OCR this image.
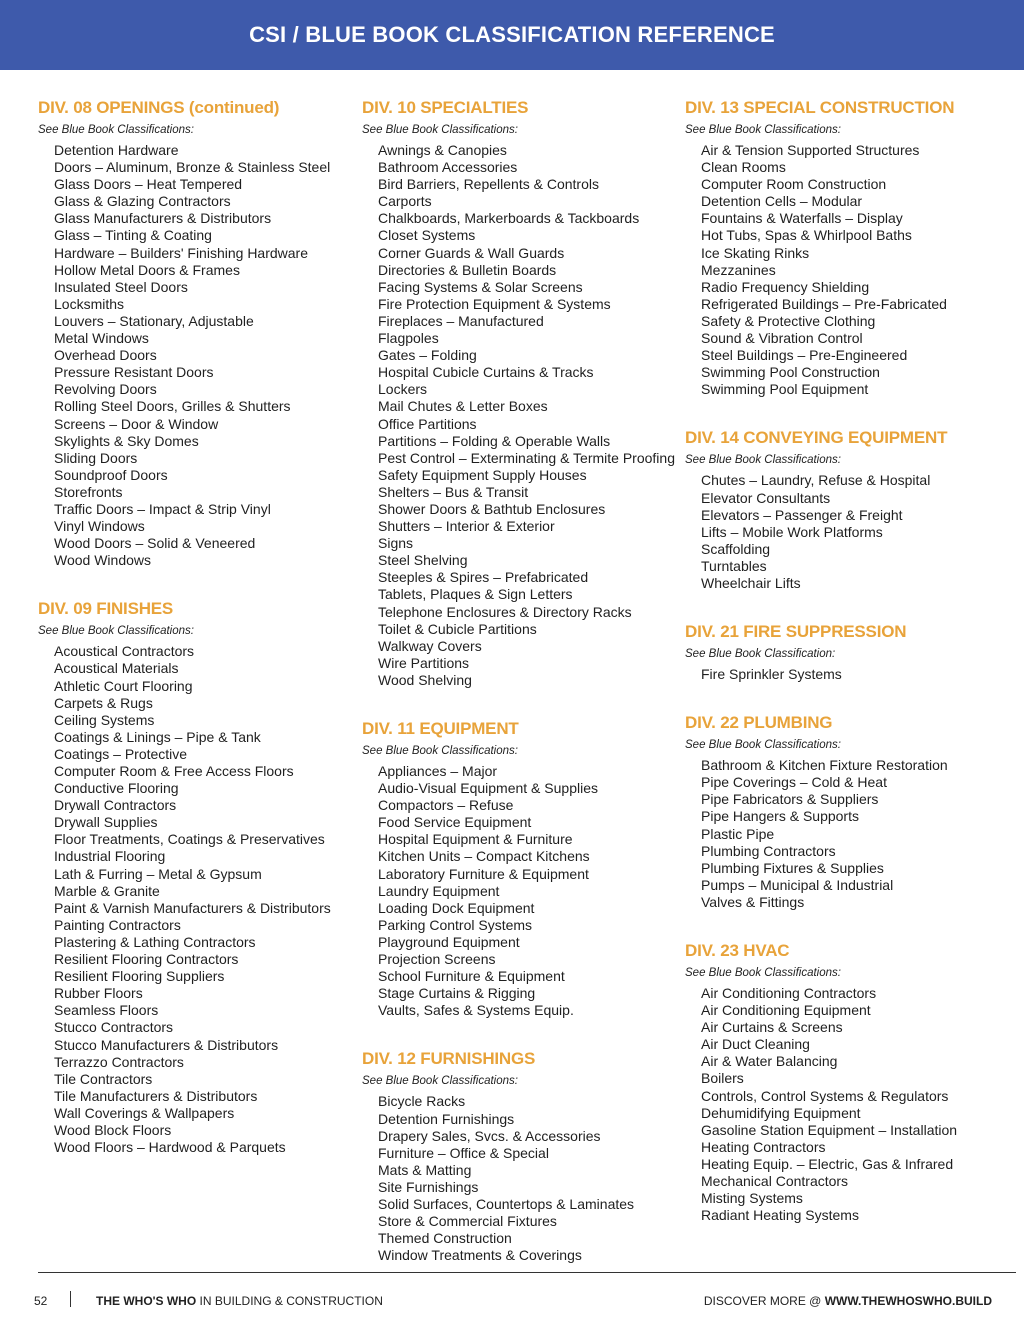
CSI / BLUE BOOK CLASSIFICATION REFERENCE
DIV. 08 OPENINGS (continued)
See Blue Book Classifications:
Detention Hardware
Doors – Aluminum, Bronze & Stainless Steel
Glass Doors – Heat Tempered
Glass & Glazing Contractors
Glass Manufacturers & Distributors
Glass – Tinting & Coating
Hardware – Builders' Finishing Hardware
Hollow Metal Doors & Frames
Insulated Steel Doors
Locksmiths
Louvers – Stationary, Adjustable
Metal Windows
Overhead Doors
Pressure Resistant Doors
Revolving Doors
Rolling Steel Doors, Grilles & Shutters
Screens – Door & Window
Skylights & Sky Domes
Sliding Doors
Soundproof Doors
Storefronts
Traffic Doors – Impact & Strip Vinyl
Vinyl Windows
Wood Doors – Solid & Veneered
Wood Windows
DIV. 09 FINISHES
See Blue Book Classifications:
Acoustical Contractors
Acoustical Materials
Athletic Court Flooring
Carpets & Rugs
Ceiling Systems
Coatings & Linings – Pipe & Tank
Coatings – Protective
Computer Room & Free Access Floors
Conductive Flooring
Drywall Contractors
Drywall Supplies
Floor Treatments, Coatings & Preservatives
Industrial Flooring
Lath & Furring – Metal & Gypsum
Marble & Granite
Paint & Varnish Manufacturers & Distributors
Painting Contractors
Plastering & Lathing Contractors
Resilient Flooring Contractors
Resilient Flooring Suppliers
Rubber Floors
Seamless Floors
Stucco Contractors
Stucco Manufacturers & Distributors
Terrazzo Contractors
Tile Contractors
Tile Manufacturers & Distributors
Wall Coverings & Wallpapers
Wood Block Floors
Wood Floors – Hardwood & Parquets
DIV. 10 SPECIALTIES
See Blue Book Classifications:
Awnings & Canopies
Bathroom Accessories
Bird Barriers, Repellents & Controls
Carports
Chalkboards, Markerboards & Tackboards
Closet Systems
Corner Guards & Wall Guards
Directories & Bulletin Boards
Facing Systems & Solar Screens
Fire Protection Equipment & Systems
Fireplaces – Manufactured
Flagpoles
Gates – Folding
Hospital Cubicle Curtains & Tracks
Lockers
Mail Chutes & Letter Boxes
Office Partitions
Partitions – Folding & Operable Walls
Pest Control – Exterminating & Termite Proofing
Safety Equipment Supply Houses
Shelters – Bus & Transit
Shower Doors & Bathtub Enclosures
Shutters – Interior & Exterior
Signs
Steel Shelving
Steeples & Spires – Prefabricated
Tablets, Plaques & Sign Letters
Telephone Enclosures & Directory Racks
Toilet & Cubicle Partitions
Walkway Covers
Wire Partitions
Wood Shelving
DIV. 11 EQUIPMENT
See Blue Book Classifications:
Appliances – Major
Audio-Visual Equipment & Supplies
Compactors – Refuse
Food Service Equipment
Hospital Equipment & Furniture
Kitchen Units – Compact Kitchens
Laboratory Furniture & Equipment
Laundry Equipment
Loading Dock Equipment
Parking Control Systems
Playground Equipment
Projection Screens
School Furniture & Equipment
Stage Curtains & Rigging
Vaults, Safes & Systems Equip.
DIV. 12 FURNISHINGS
See Blue Book Classifications:
Bicycle Racks
Detention Furnishings
Drapery Sales, Svcs. & Accessories
Furniture – Office & Special
Mats & Matting
Site Furnishings
Solid Surfaces, Countertops & Laminates
Store & Commercial Fixtures
Themed Construction
Window Treatments & Coverings
DIV. 13 SPECIAL CONSTRUCTION
See Blue Book Classifications:
Air & Tension Supported Structures
Clean Rooms
Computer Room Construction
Detention Cells – Modular
Fountains & Waterfalls – Display
Hot Tubs, Spas & Whirlpool Baths
Ice Skating Rinks
Mezzanines
Radio Frequency Shielding
Refrigerated Buildings – Pre-Fabricated
Safety & Protective Clothing
Sound & Vibration Control
Steel Buildings – Pre-Engineered
Swimming Pool Construction
Swimming Pool Equipment
DIV. 14 CONVEYING EQUIPMENT
See Blue Book Classifications:
Chutes – Laundry, Refuse & Hospital
Elevator Consultants
Elevators – Passenger & Freight
Lifts – Mobile Work Platforms
Scaffolding
Turntables
Wheelchair Lifts
DIV. 21 FIRE SUPPRESSION
See Blue Book Classification:
Fire Sprinkler Systems
DIV. 22 PLUMBING
See Blue Book Classifications:
Bathroom & Kitchen Fixture Restoration
Pipe Coverings – Cold & Heat
Pipe Fabricators & Suppliers
Pipe Hangers & Supports
Plastic Pipe
Plumbing Contractors
Plumbing Fixtures & Supplies
Pumps – Municipal & Industrial
Valves & Fittings
DIV. 23 HVAC
See Blue Book Classifications:
Air Conditioning Contractors
Air Conditioning Equipment
Air Curtains & Screens
Air Duct Cleaning
Air & Water Balancing
Boilers
Controls, Control Systems & Regulators
Dehumidifying Equipment
Gasoline Station Equipment – Installation
Heating Contractors
Heating Equip. – Electric, Gas & Infrared
Mechanical Contractors
Misting Systems
Radiant Heating Systems
52	THE WHO'S WHO IN BUILDING & CONSTRUCTION	DISCOVER MORE @ WWW.THEWHOSWHO.BUILD
